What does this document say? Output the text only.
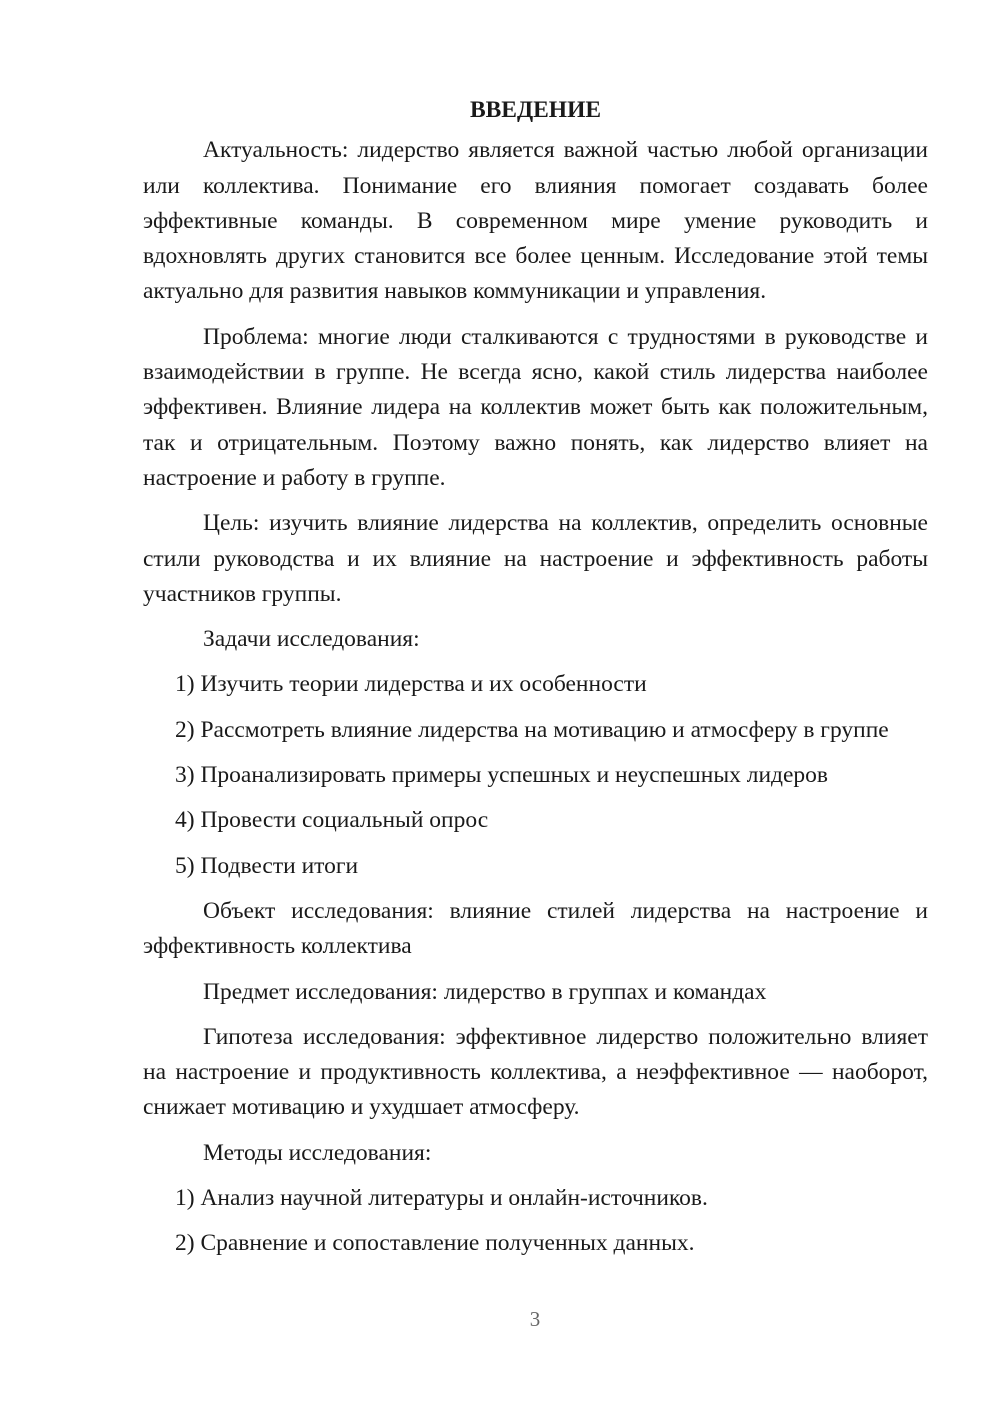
ВВЕДЕНИЕ

Актуальность: лидерство является важной частью любой организации или коллектива. Понимание его влияния помогает создавать более эффективные команды. В современном мире умение руководить и вдохновлять других становится все более ценным. Исследование этой темы актуально для развития навыков коммуникации и управления.

Проблема: многие люди сталкиваются с трудностями в руководстве и взаимодействии в группе. Не всегда ясно, какой стиль лидерства наиболее эффективен. Влияние лидера на коллектив может быть как положительным, так и отрицательным. Поэтому важно понять, как лидерство влияет на настроение и работу в группе.

Цель: изучить влияние лидерства на коллектив, определить основные стили руководства и их влияние на настроение и эффективность работы участников группы.

Задачи исследования:

1) Изучить теории лидерства и их особенности

2) Рассмотреть влияние лидерства на мотивацию и атмосферу в группе

3) Проанализировать примеры успешных и неуспешных лидеров

4) Провести социальный опрос

5) Подвести итоги

Объект исследования: влияние стилей лидерства на настроение и эффективность коллектива

Предмет исследования: лидерство в группах и командах

Гипотеза исследования: эффективное лидерство положительно влияет на настроение и продуктивность коллектива, а неэффективное — наоборот, снижает мотивацию и ухудшает атмосферу.

Методы исследования:

1) Анализ научной литературы и онлайн-источников.

2) Сравнение и сопоставление полученных данных.

3
